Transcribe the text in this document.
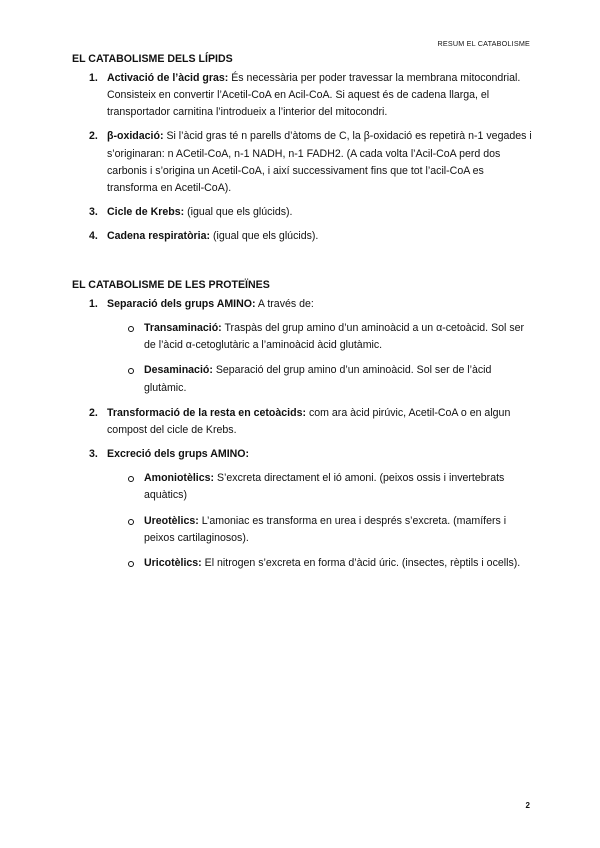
RESUM EL CATABOLISME
EL CATABOLISME DELS LÍPIDS
1. Activació de l’àcid gras: És necessària per poder travessar la membrana mitocondrial. Consisteix en convertir l’Acetil-CoA en Acil-CoA. Si aquest és de cadena llarga, el transportador carnitina l’introdueix a l’interior del mitocondri.
2. β-oxidació: Si l’àcid gras té n parells d’àtoms de C, la β-oxidació es repetirà n-1 vegades i s’originaran: n ACetil-CoA, n-1 NADH, n-1 FADH2. (A cada volta l’Acil-CoA perd dos carbonis i s’origina un Acetil-CoA, i així successivament fins que tot l’acil-CoA es transforma en Acetil-CoA).
3. Cicle de Krebs: (igual que els glúcids).
4. Cadena respiratòria: (igual que els glúcids).
EL CATABOLISME DE LES PROTEÏNES
1. Separació dels grups AMINO: A través de:
Transaminació: Traspàs del grup amino d’un aminoàcid a un α-cetoàcid. Sol ser de l’àcid α-cetoglutàric a l’aminoàcid àcid glutàmic.
Desaminació: Separació del grup amino d’un aminoàcid. Sol ser de l’àcid glutàmic.
2. Transformació de la resta en cetoàcids: com ara àcid pirúvic, Acetil-CoA o en algun compost del cicle de Krebs.
3. Excreció dels grups AMINO:
Amoniotèlics: S’excreta directament el ió amoni. (peixos ossis i invertebrats aquàtics)
Ureotèlics: L’amoniac es transforma en urea i després s’excreta. (mamífers i peixos cartilaginosos).
Uricotèlics: El nitrogen s’excreta en forma d’àcid úric. (insectes, rèptils i ocells).
2
